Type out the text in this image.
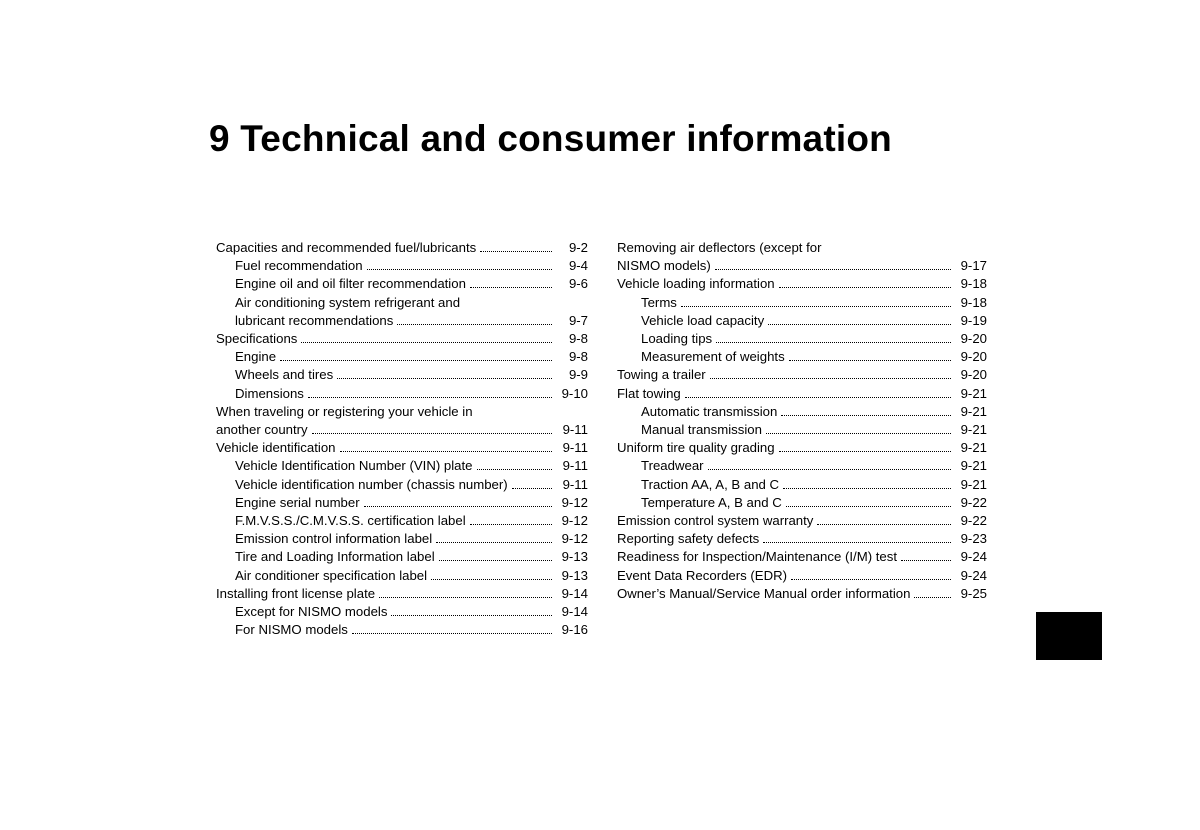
9 Technical and consumer information
Capacities and recommended fuel/lubricants	9-2
Fuel recommendation	9-4
Engine oil and oil filter recommendation	9-6
Air conditioning system refrigerant and
lubricant recommendations	9-7
Specifications	9-8
Engine	9-8
Wheels and tires	9-9
Dimensions	9-10
When traveling or registering your vehicle in
another country	9-11
Vehicle identification	9-11
Vehicle Identification Number (VIN) plate	9-11
Vehicle identification number (chassis number)	9-11
Engine serial number	9-12
F.M.V.S.S./C.M.V.S.S. certification label	9-12
Emission control information label	9-12
Tire and Loading Information label	9-13
Air conditioner specification label	9-13
Installing front license plate	9-14
Except for NISMO models	9-14
For NISMO models	9-16
Removing air deflectors (except for
NISMO models)	9-17
Vehicle loading information	9-18
Terms	9-18
Vehicle load capacity	9-19
Loading tips	9-20
Measurement of weights	9-20
Towing a trailer	9-20
Flat towing	9-21
Automatic transmission	9-21
Manual transmission	9-21
Uniform tire quality grading	9-21
Treadwear	9-21
Traction AA, A, B and C	9-21
Temperature A, B and C	9-22
Emission control system warranty	9-22
Reporting safety defects	9-23
Readiness for Inspection/Maintenance (I/M) test	9-24
Event Data Recorders (EDR)	9-24
Owner’s Manual/Service Manual order information	9-25
